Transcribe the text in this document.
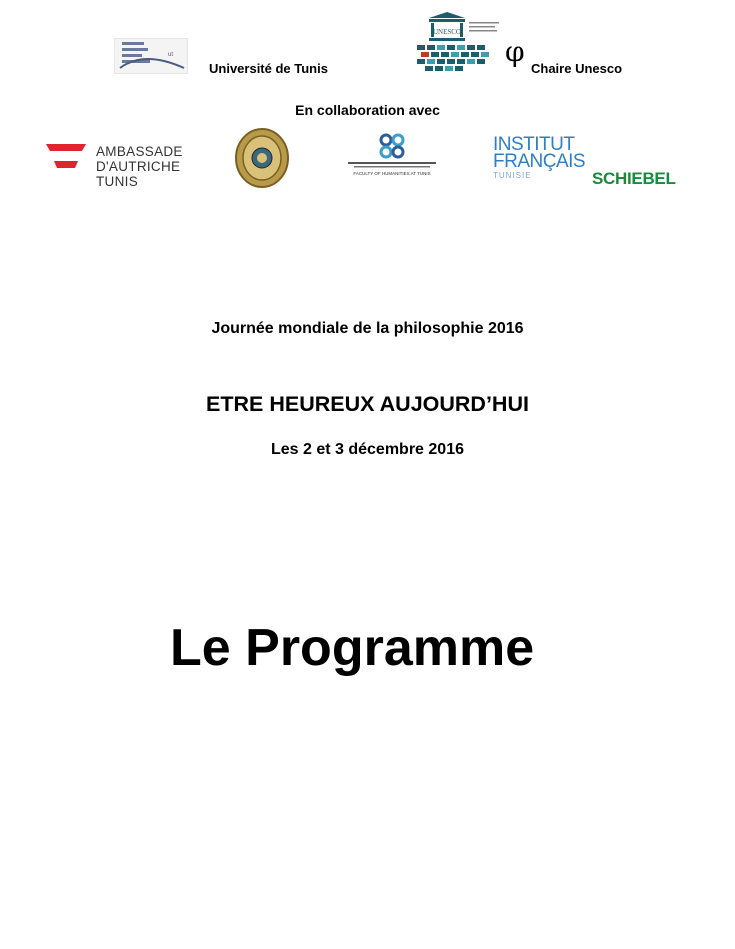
ut
Université de Tunis
UNESCO
φ
Chaire Unesco
En collaboration avec
AMBASSADE
D'AUTRICHE
TUNIS
FACULTY OF HUMANITIES AT TUNIS
INSTITUT
FRANÇAIS
TUNISIE	SCHIEBEL
Journée mondiale de la philosophie 2016
ETRE HEUREUX AUJOURD’HUI
Les 2 et 3 décembre 2016
Le Programme
